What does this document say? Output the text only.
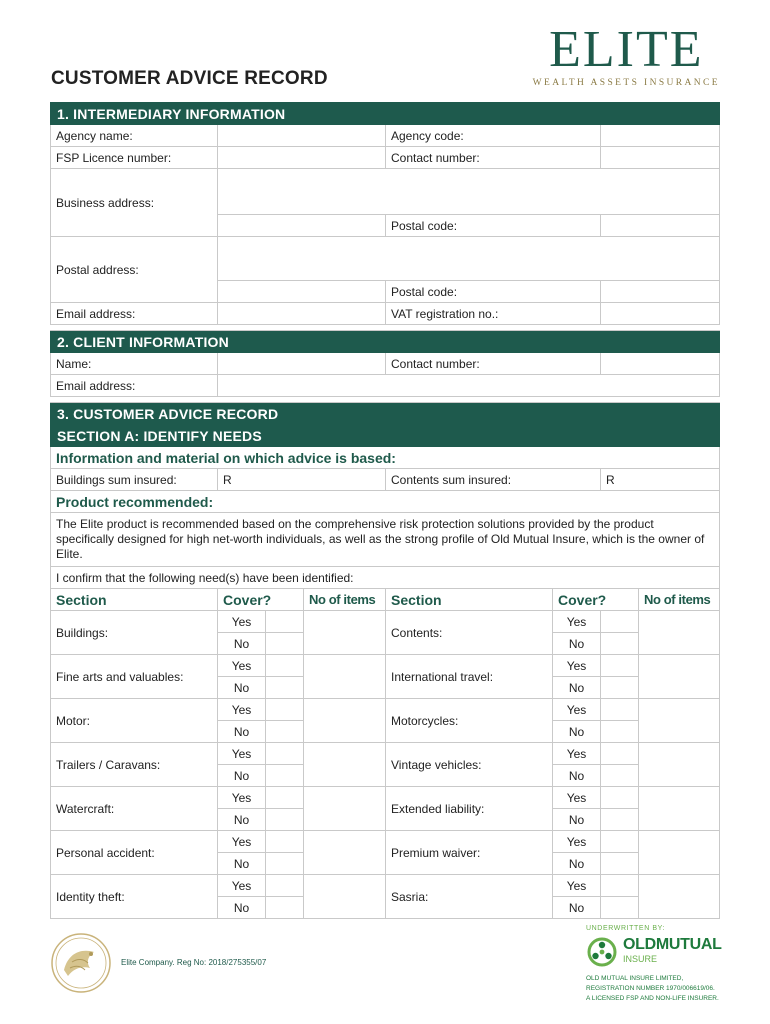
ELITE
WEALTH ASSETS INSURANCE
CUSTOMER ADVICE RECORD
1. INTERMEDIARY INFORMATION							
Agency name:				Agency code:			
FSP Licence number:				Contact number:			
Business address:							
				Postal code:			
Postal address:							
				Postal code:			
Email address:				VAT registration no.:			

2. CLIENT INFORMATION							
Name:				Contact number:			
Email address:							

3. CUSTOMER ADVICE RECORD							
SECTION A: IDENTIFY NEEDS							
Information and material on which advice is based:							
Buildings sum insured:	R			Contents sum insured:		R	
Product recommended:							
The Elite product is recommended based on the comprehensive risk protection solutions provided by the product specifically designed for high net-worth individuals, as well as the strong profile of Old Mutual Insure, which is the owner of Elite.							
I confirm that the following need(s) have been identified:							
Section	Cover?		No of items	Section	Cover?		No of items
Buildings:	Yes			Contents:	Yes		
	No				No		
Fine arts and valuables:	Yes			International travel:	Yes		
	No				No		
Motor:	Yes			Motorcycles:	Yes		
	No				No		
Trailers / Caravans:	Yes			Vintage vehicles:	Yes		
	No				No		
Watercraft:	Yes			Extended liability:	Yes		
	No				No		
Personal accident:	Yes			Premium waiver:	Yes		
	No				No		
Identity theft:	Yes			Sasria:	Yes		
	No				No		
Elite Company. Reg No: 2018/275355/07
UNDERWRITTEN BY:
OLDMUTUAL
INSURE
OLD MUTUAL INSURE LIMITED,
REGISTRATION NUMBER 1970/006619/06.
A LICENSED FSP AND NON-LIFE INSURER.
